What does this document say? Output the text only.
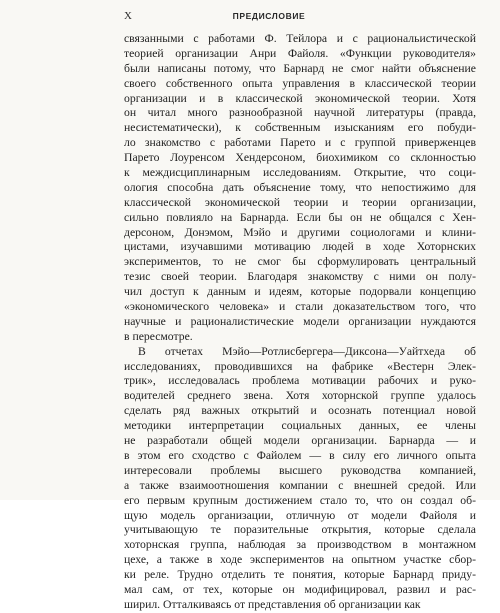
X	ПРЕДИСЛОВИЕ
связанными с работами Ф. Тейлора и с рациональистической
теорией организации Анри Файоля. «Функции руководителя»
были написаны потому, что Барнард не смог найти объяснение
своего собственного опыта управления в классической теории
организации и в классической экономической теории. Хотя
он читал много разнообразной научной литературы (правда,
несистематически), к собственным изысканиям его побуди-
ло знакомство с работами Парето и с группой приверженцев
Парето Лоуренсом Хендерсоном, биохимиком со склонностью
к междисциплинарным исследованиям. Открытие, что соци-
ология способна дать объяснение тому, что непостижимо для
классической экономической теории и теории организации,
сильно повлияло на Барнарда. Если бы он не общался с Хен-
дерсоном, Донэмом, Мэйо и другими социологами и клини-
цистами, изучавшими мотивацию людей в ходе Хоторнских
экспериментов, то не смог бы сформулировать центральный
тезис своей теории. Благодаря знакомству с ними он полу-
чил доступ к данным и идеям, которые подорвали концепцию
«экономического человека» и стали доказательством того, что
научные и рационалистические модели организации нуждаются
в пересмотре.
В отчетах Мэйо—Ротлисбергера—Диксона—Уайтхеда об
исследованиях, проводившихся на фабрике «Вестерн Элек-
трик», исследовалась проблема мотивации рабочих и руко-
водителей среднего звена. Хотя хоторнской группе удалось
сделать ряд важных открытий и осознать потенциал новой
методики интерпретации социальных данных, ее члены
не разработали общей модели организации. Барнарда — и
в этом его сходство с Файолем — в силу его личного опыта
интересовали проблемы высшего руководства компанией,
а также взаимоотношения компании с внешней средой. Или
его первым крупным достижением стало то, что он создал об-
щую модель организации, отличную от модели Файоля и
учитывающую те поразительные открытия, которые сделала
хоторнская группа, наблюдая за производством в монтажном
цехе, а также в ходе экспериментов на опытном участке сбор-
ки реле. Трудно отделить те понятия, которые Барнард приду-
мал сам, от тех, которые он модифицировал, развил и рас-
ширил. Отталкиваясь от представления об организации как
